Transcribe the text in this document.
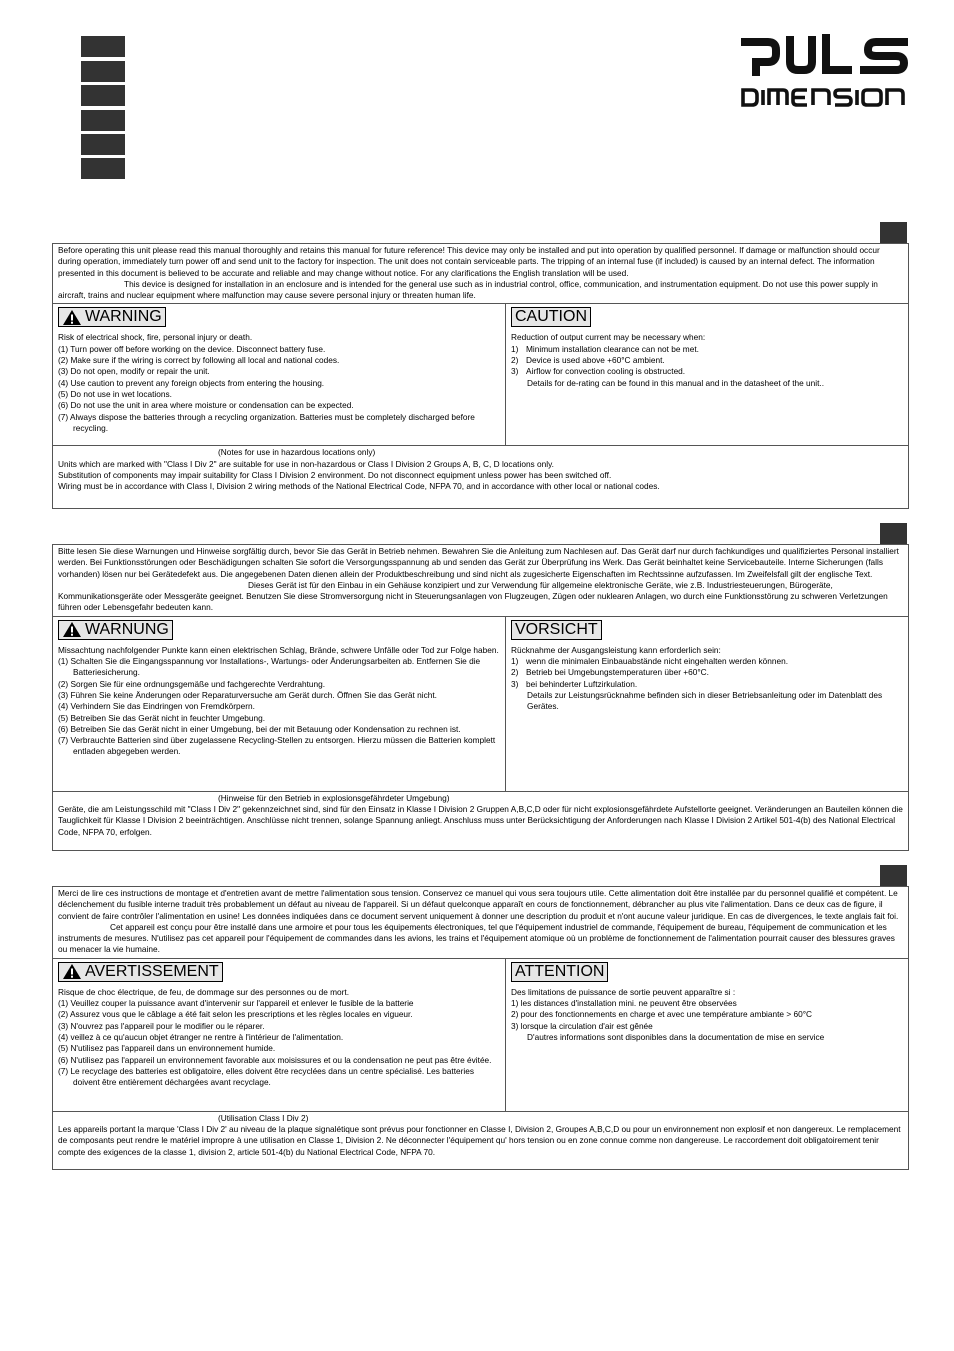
Before operating this unit please read this manual thoroughly and retains this manual for future reference! This device may only be installed and put into operation by qualified personnel. If damage or malfunction should occur during operation, immediately turn power off and send unit to the factory for inspection. The unit does not contain serviceable parts. The tripping of an internal fuse (if included) is caused by an internal defect. The information presented in this document is believed to be accurate and reliable and may change without notice. For any clarifications the English translation will be used.

This device is designed for installation in an enclosure and is intended for the general use such as in industrial control, office, communication, and instrumentation equipment. Do not use this power supply in aircraft, trains and nuclear equipment where malfunction may cause severe personal injury or threaten human life.

WARNING

Risk of electrical shock, fire, personal injury or death.

(1) Turn power off before working on the device. Disconnect battery fuse.

(2) Make sure if the wiring is correct by following all local and national codes.

(3) Do not open, modify or repair the unit.

(4) Use caution to prevent any foreign objects from entering the housing.

(5) Do not use in wet locations.

(6) Do not use the unit in area where moisture or condensation can be expected.

(7) Always dispose the batteries through a recycling organization. Batteries must be completely discharged before recycling.

CAUTION

Reduction of output current may be necessary when:

1) Minimum installation clearance can not be met.

2) Device is used above +60°C ambient.

3) Airflow for convection cooling is obstructed.

Details for de-rating can be found in this manual and in the datasheet of the unit..

(Notes for use in hazardous locations only)

Units which are marked with "Class I Div 2" are suitable for use in non-hazardous or Class I Division 2 Groups A, B, C, D locations only.

Substitution of components may impair suitability for Class I Division 2 environment. Do not disconnect equipment unless power has been switched off.

Wiring must be in accordance with Class I, Division 2 wiring methods of the National Electrical Code, NFPA 70, and in accordance with other local or national codes.

Bitte lesen Sie diese Warnungen und Hinweise sorgfältig durch, bevor Sie das Gerät in Betrieb nehmen. Bewahren Sie die Anleitung zum Nachlesen auf. Das Gerät darf nur durch fachkundiges und qualifiziertes Personal installiert werden. Bei Funktionsstörungen oder Beschädigungen schalten Sie sofort die Versorgungsspannung ab und senden das Gerät zur Überprüfung ins Werk. Das Gerät beinhaltet keine Servicebauteile. Interne Sicherungen (falls vorhanden) lösen nur bei Gerätedefekt aus. Die angegebenen Daten dienen allein der Produktbeschreibung und sind nicht als zugesicherte Eigenschaften im Rechtssinne aufzufassen. Im Zweifelsfall gilt der englische Text.

Dieses Gerät ist für den Einbau in ein Gehäuse konzipiert und zur Verwendung für allgemeine elektronische Geräte, wie z.B. Industriesteuerungen, Bürogeräte, Kommunikationsgeräte oder Messgeräte geeignet. Benutzen Sie diese Stromversorgung nicht in Steuerungsanlagen von Flugzeugen, Zügen oder nuklearen Anlagen, wo durch eine Funktionsstörung zu schweren Verletzungen führen oder Lebensgefahr bedeuten kann.

WARNUNG

Missachtung nachfolgender Punkte kann einen elektrischen Schlag, Brände, schwere Unfälle oder Tod zur Folge haben.

(1) Schalten Sie die Eingangsspannung vor Installations-, Wartungs- oder Änderungsarbeiten ab. Entfernen Sie die Batteriesicherung.

(2) Sorgen Sie für eine ordnungsgemäße und fachgerechte Verdrahtung.

(3) Führen Sie keine Änderungen oder Reparaturversuche am Gerät durch. Öffnen Sie das Gerät nicht.

(4) Verhindern Sie das Eindringen von Fremdkörpern.

(5) Betreiben Sie das Gerät nicht in feuchter Umgebung.

(6) Betreiben Sie das Gerät nicht in einer Umgebung, bei der mit Betauung oder Kondensation zu rechnen ist.

(7) Verbrauchte Batterien sind über zugelassene Recycling-Stellen zu entsorgen. Hierzu müssen die Batterien komplett entladen abgegeben werden.

VORSICHT

Rücknahme der Ausgangsleistung kann erforderlich sein:

1) wenn die minimalen Einbauabstände nicht eingehalten werden können.

2) Betrieb bei Umgebungstemperaturen über +60°C.

3) bei behinderter Luftzirkulation.

Details zur Leistungsrücknahme befinden sich in dieser Betriebsanleitung oder im Datenblatt des Gerätes.

(Hinweise für den Betrieb in explosionsgefährdeter Umgebung)

Geräte, die am Leistungsschild mit "Class I Div 2" gekennzeichnet sind, sind für den Einsatz in Klasse I Division 2 Gruppen A,B,C,D oder für nicht explosionsgefährdete Aufstellorte geeignet. Veränderungen an Bauteilen können die Tauglichkeit für Klasse I Division 2 beeinträchtigen. Anschlüsse nicht trennen, solange Spannung anliegt. Anschluss muss unter Berücksichtigung der Anforderungen nach Klasse I Division 2 Artikel 501-4(b) des National Electrical Code, NFPA 70, erfolgen.

Merci de lire ces instructions de montage et d'entretien avant de mettre l'alimentation sous tension. Conservez ce manuel qui vous sera toujours utile. Cette alimentation doit être installée par du personnel qualifié et compétent. Le déclenchement du fusible interne traduit très probablement un défaut au niveau de l'appareil. Si un défaut quelconque apparaît en cours de fonctionnement, débrancher au plus vite l'alimentation. Dans ce deux cas de figure, il convient de faire contrôler l'alimentation en usine! Les données indiquées dans ce document servent uniquement à donner une description du produit et n'ont aucune valeur juridique. En cas de divergences, le texte anglais fait foi.

Cet appareil est conçu pour être installé dans une armoire et pour tous les équipements électroniques, tel que l'équipement industriel de commande, l'équipement de bureau, l'équipement de communication et les instruments de mesures. N'utilisez pas cet appareil pour l'équipement de commandes dans les avions, les trains et l'équipement atomique où un problème de fonctionnement de l'alimentation pourrait causer des blessures graves ou menacer la vie humaine.

AVERTISSEMENT

Risque de choc électrique, de feu, de dommage sur des personnes ou de mort.

(1) Veuillez couper la puissance avant d'intervenir sur l'appareil et enlever le fusible de la batterie

(2) Assurez vous que le câblage a été fait selon les prescriptions et les règles locales en vigueur.

(3) N'ouvrez pas l'appareil pour le modifier ou le réparer.

(4) veillez à ce qu'aucun objet étranger ne rentre à l'intérieur de l'alimentation.

(5) N'utilisez pas l'appareil dans un environnement humide.

(6) N'utilisez pas l'appareil un environnement favorable aux moisissures et ou la condensation ne peut pas être évitée.

(7) Le recyclage des batteries est obligatoire, elles doivent être recyclées dans un centre spécialisé. Les batteries doivent être entièrement déchargées avant recyclage.

ATTENTION

Des limitations de puissance de sortie peuvent apparaître si :

1) les distances d'installation mini. ne peuvent être observées

2) pour des fonctionnements en charge et avec une température ambiante > 60°C

3) lorsque la circulation d'air est gênée

D'autres informations sont disponibles dans la documentation de mise en service

(Utilisation Class I Div 2)

Les appareils portant la marque 'Class I Div 2' au niveau de la plaque signalétique sont prévus pour fonctionner en Classe I, Division 2, Groupes A,B,C,D ou pour un environnement non explosif et non dangereux. Le remplacement de composants peut rendre le matériel impropre à une utilisation en Classe 1, Division 2. Ne déconnecter l'équipement qu' hors tension ou en zone connue comme non dangereuse. Le raccordement doit obligatoirement tenir compte des exigences de la classe 1, division 2, article 501-4(b) du National Electrical Code, NFPA 70.
